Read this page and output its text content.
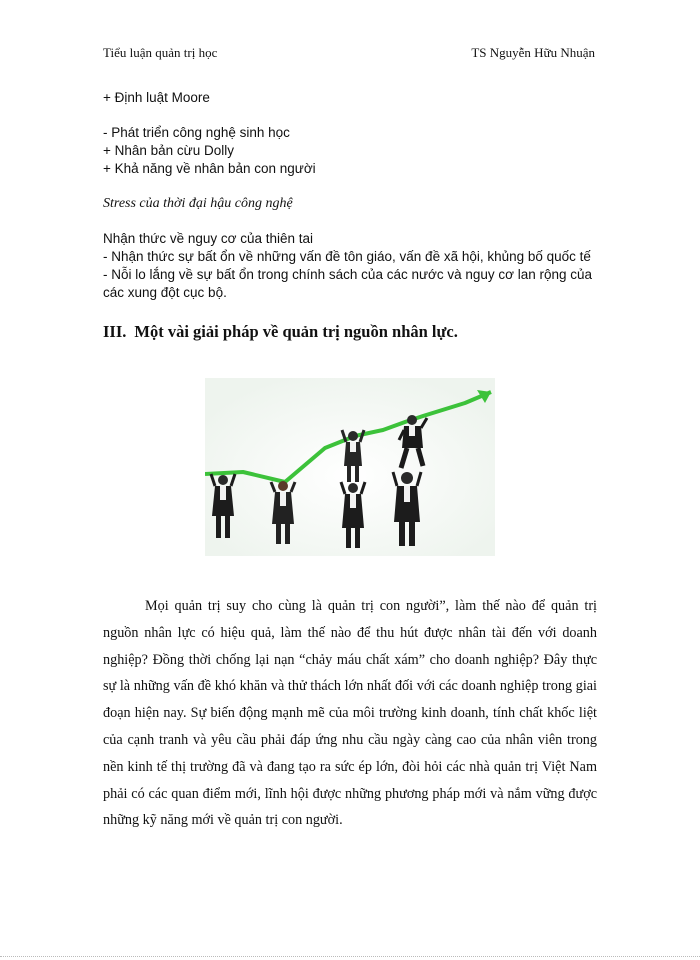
Tiểu luận quản trị học	TS Nguyễn Hữu Nhuận
+ Định luật Moore
- Phát triển công nghệ sinh học
+ Nhân bản cừu Dolly
+ Khả năng về nhân bản con người
Stress của thời đại hậu công nghệ
Nhận thức về nguy cơ của thiên tai
- Nhận thức sự bất ổn về những vấn đề tôn giáo, vấn đề xã hội, khủng bố quốc tế
- Nỗi lo lắng về sự bất ổn trong chính sách của các nước và nguy cơ lan rộng của
các xung đột cục bộ.
III. Một vài giải pháp về quản trị nguồn nhân lực.
Mọi quản trị suy cho cùng là quản trị con người”, làm thế nào để quản trị nguồn nhân lực có hiệu quả, làm thế nào để thu hút được nhân tài đến với doanh nghiệp? Đồng thời chống lại nạn “chảy máu chất xám” cho doanh nghiệp? Đây thực sự là những vấn đề khó khăn và thử thách lớn nhất đối với các doanh nghiệp trong giai đoạn hiện nay. Sự biến động mạnh mẽ của môi trường kinh doanh, tính chất khốc liệt của cạnh tranh và yêu cầu phải đáp ứng nhu cầu ngày càng cao của nhân viên trong nền kinh tế thị trường đã và đang tạo ra sức ép lớn, đòi hỏi các nhà quản trị Việt Nam phải có các quan điểm mới, lĩnh hội được những phương pháp mới và nắm vững được những kỹ năng mới về quản trị con người.
